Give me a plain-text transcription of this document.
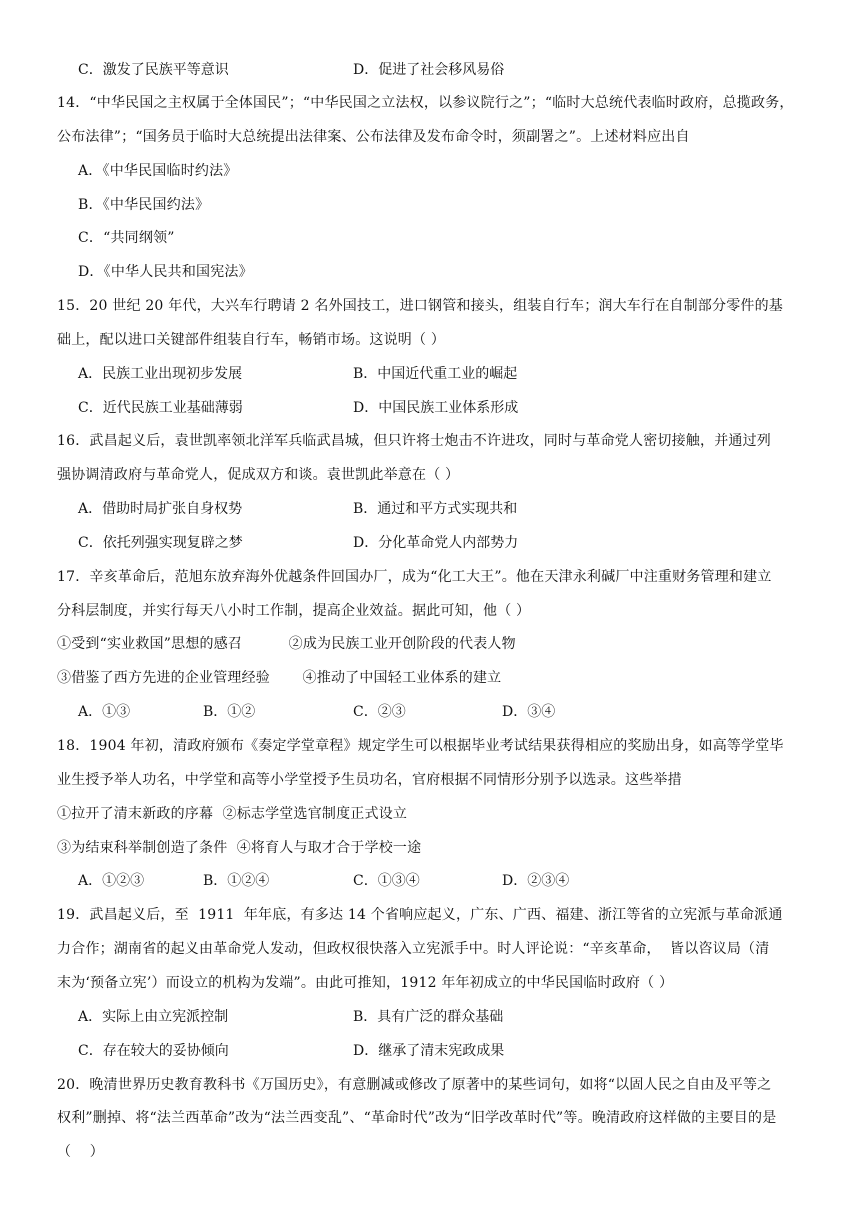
C．激发了民族平等意识	D．促进了社会移风易俗
14．“中华民国之主权属于全体国民”；“中华民国之立法权，以参议院行之”；“临时大总统代表临时政府，总揽政务，
公布法律”；“国务员于临时大总统提出法律案、公布法律及发布命令时，须副署之”。上述材料应出自
A．《中华民国临时约法》
B．《中华民国约法》
C．“共同纲领”
D．《中华人民共和国宪法》
15．20 世纪 20 年代，大兴车行聘请 2 名外国技工，进口钢管和接头，组装自行车；润大车行在自制部分零件的基
础上，配以进口关键部件组装自行车，畅销市场。这说明（ ）
A．民族工业出现初步发展	B．中国近代重工业的崛起
C．近代民族工业基础薄弱	D．中国民族工业体系形成
16．武昌起义后，袁世凯率领北洋军兵临武昌城，但只许将士炮击不许进攻，同时与革命党人密切接触，并通过列
强协调清政府与革命党人，促成双方和谈。袁世凯此举意在（ ）
A．借助时局扩张自身权势	B．通过和平方式实现共和
C．依托列强实现复辟之梦	D．分化革命党人内部势力
17．辛亥革命后，范旭东放弃海外优越条件回国办厂，成为“化工大王”。他在天津永利碱厂中注重财务管理和建立
分科层制度，并实行每天八小时工作制，提高企业效益。据此可知，他（ ）
①受到“实业救国”思想的感召          ②成为民族工业开创阶段的代表人物
③借鉴了西方先进的企业管理经验       ④推动了中国轻工业体系的建立
A．①③	B．①②	C．②③	D．③④
18．1904 年初，清政府颁布《奏定学堂章程》规定学生可以根据毕业考试结果获得相应的奖励出身，如高等学堂毕
业生授予举人功名，中学堂和高等小学堂授予生员功名，官府根据不同情形分别予以选录。这些举措
①拉开了清末新政的序幕  ②标志学堂选官制度正式设立
③为结束科举制创造了条件  ④将育人与取才合于学校一途
A．①②③	B．①②④	C．①③④	D．②③④
19．武昌起义后，至  1911  年年底，有多达 14 个省响应起义，广东、广西、福建、浙江等省的立宪派与革命派通
力合作；湖南省的起义由革命党人发动，但政权很快落入立宪派手中。时人评论说：“辛亥革命，  皆以咨议局（清
末为‘预备立宪’）而设立的机构为发端”。由此可推知，1912 年年初成立的中华民国临时政府（ ）
A．实际上由立宪派控制	B．具有广泛的群众基础
C．存在较大的妥协倾向	D．继承了清末宪政成果
20．晚清世界历史教育教科书《万国历史》，有意删减或修改了原著中的某些词句，如将“以固人民之自由及平等之
权利”删掉、将“法兰西革命”改为“法兰西变乱”、“革命时代”改为“旧学改革时代”等。晚清政府这样做的主要目的是
（    ）
